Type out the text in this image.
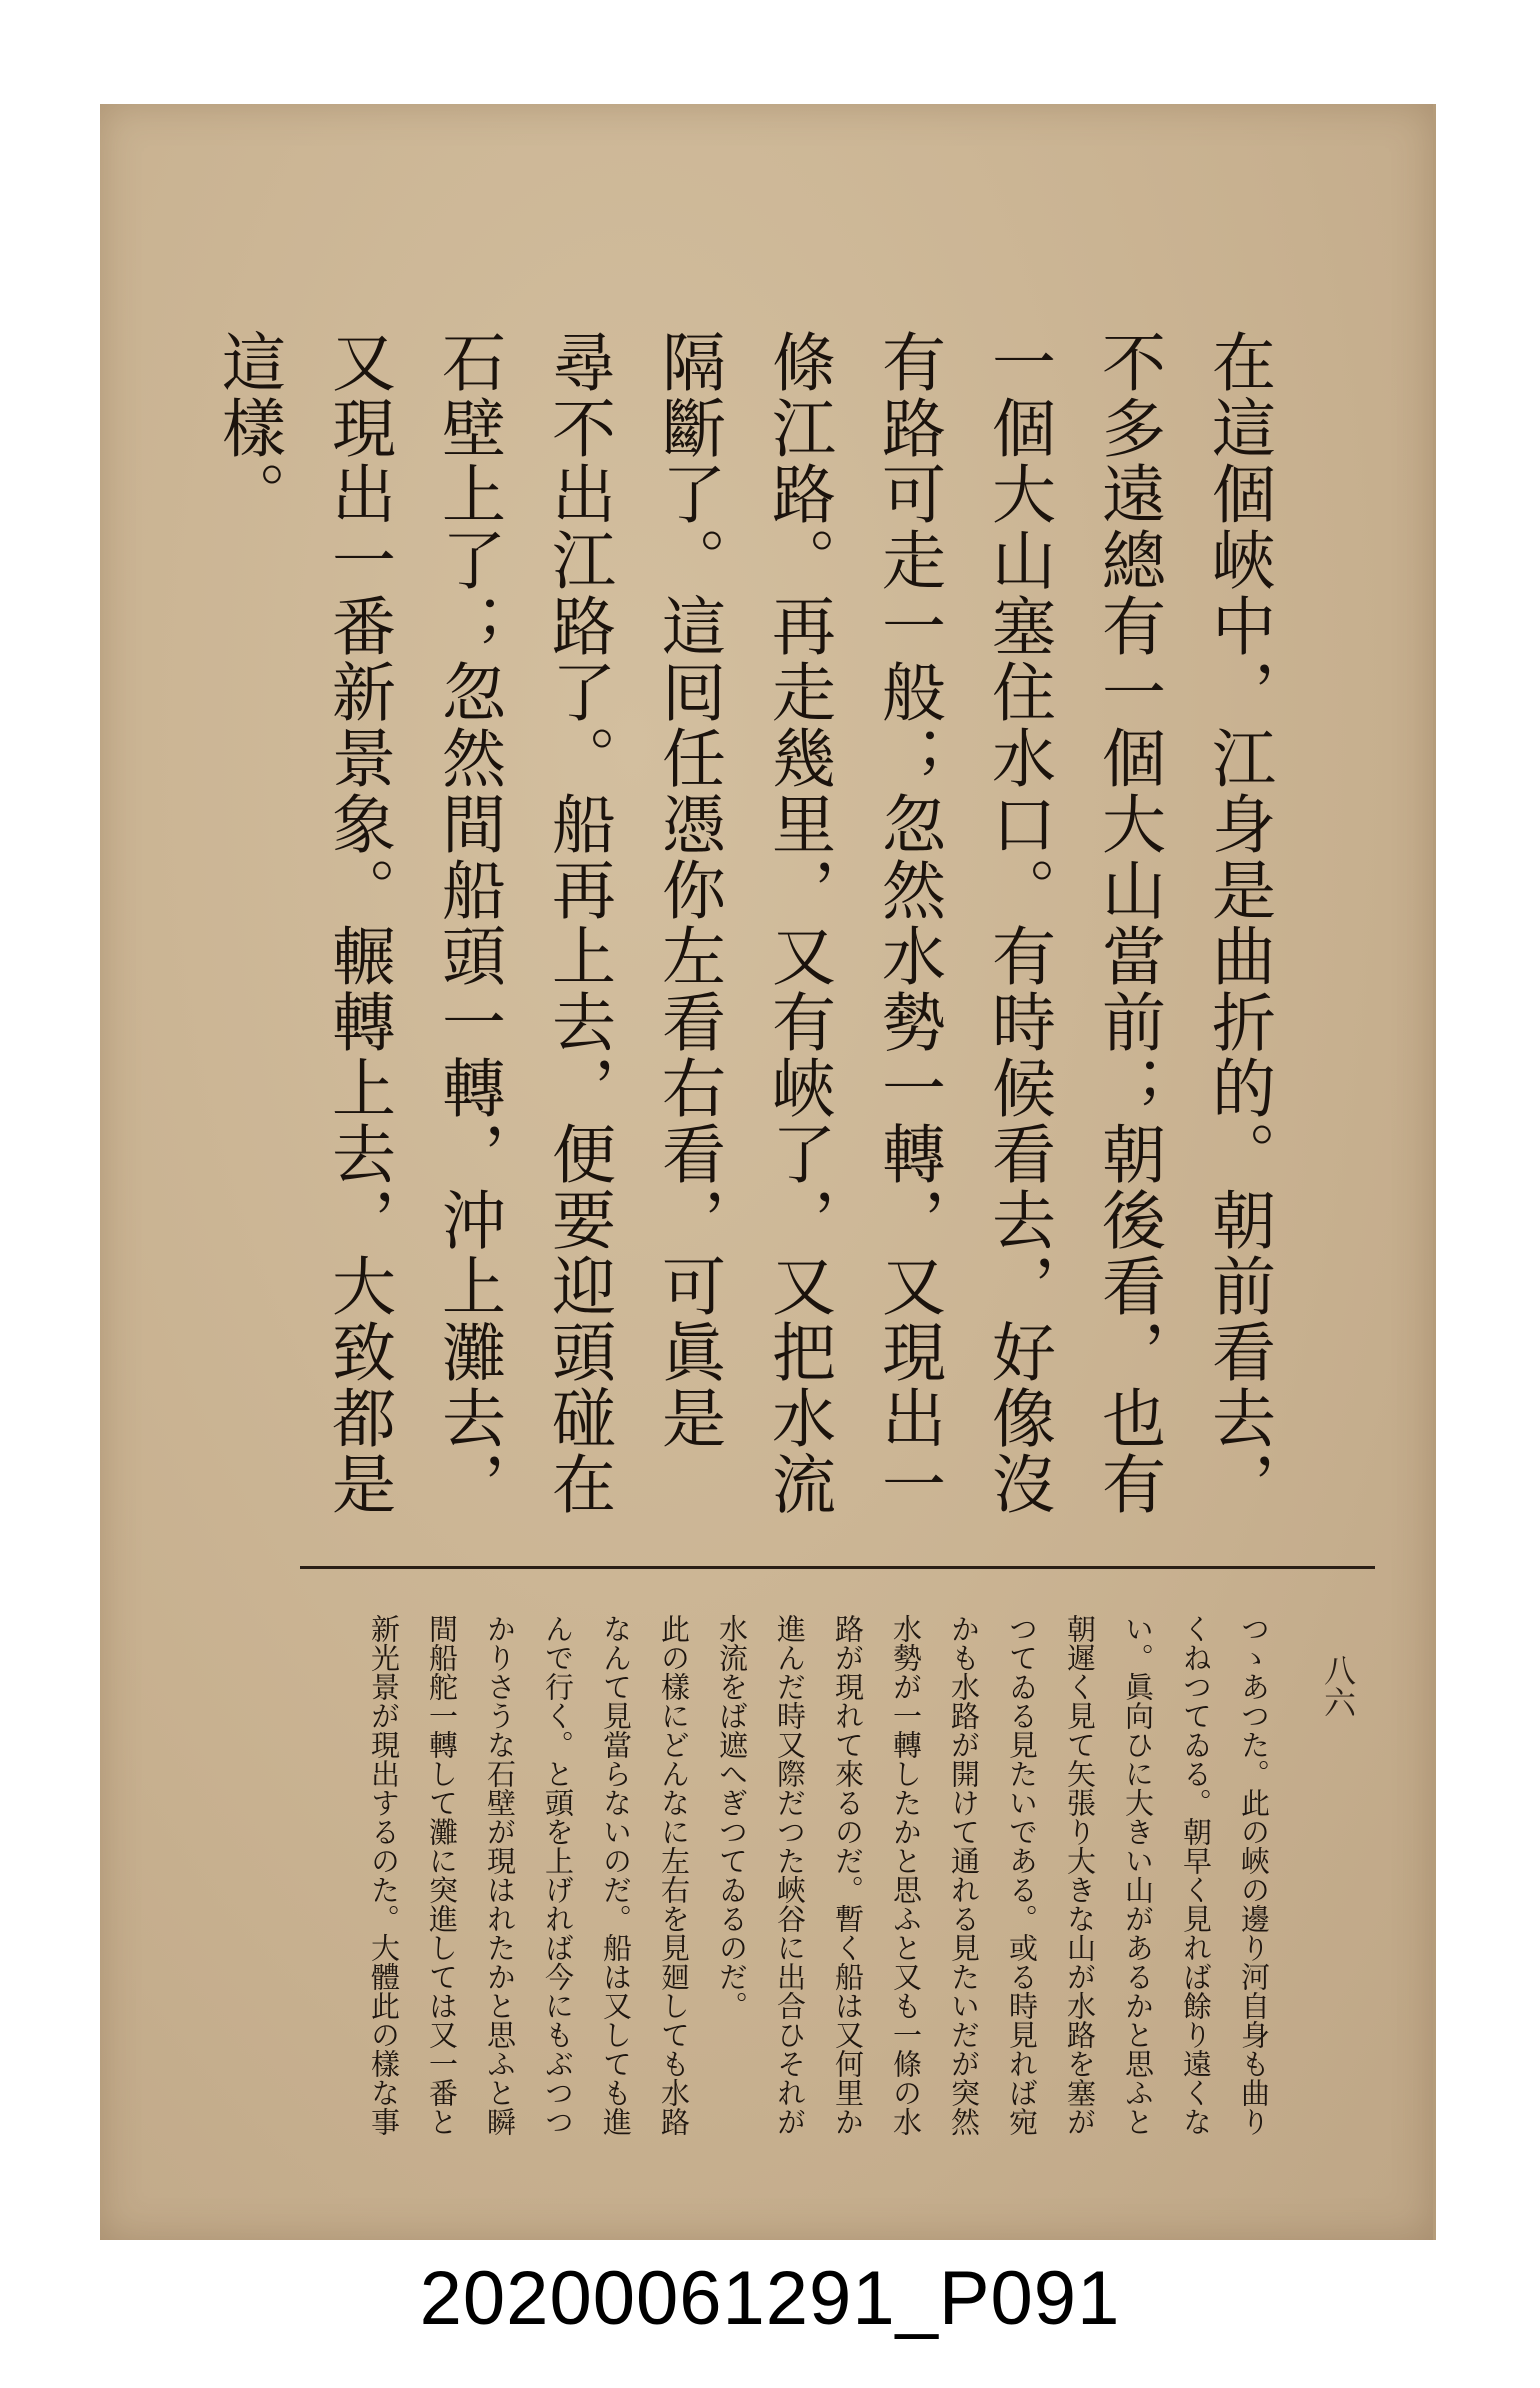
在這個峽中，江身是曲折的。朝前看去，
不多遠總有一個大山當前；朝後看，也有
一個大山塞住水口。有時候看去，好像沒
有路可走一般；忽然水勢一轉，又現出一
條江路。再走幾里，又有峽了，又把水流
隔斷了。這囘任憑你左看右看，可眞是
尋不出江路了。船再上去，便要迎頭碰在
石壁上了；忽然間船頭一轉，沖上灘去，
又現出一番新景象。輾轉上去，大致都是
這樣。
八六
つゝあつた。此の峽の邊り河自身も曲り
くねつてゐる。朝早く見れば餘り遠くな
い。眞向ひに大きい山があるかと思ふと
朝遲く見て矢張り大きな山が水路を塞が
つてゐる見たいである。或る時見れば宛
かも水路が開けて通れる見たいだが突然
水勢が一轉したかと思ふと又も一條の水
路が現れて來るのだ。暫く船は又何里か
進んだ時又際だつた峽谷に出合ひそれが
水流をば遮へぎつてゐるのだ。
此の樣にどんなに左右を見廻しても水路
なんて見當らないのだ。船は又しても進
んで行く。と頭を上げれば今にもぶつつ
かりさうな石壁が現はれたかと思ふと瞬
間船舵一轉して灘に突進しては又一番と
新光景が現出するのた。大體此の樣な事
20200061291_P091
